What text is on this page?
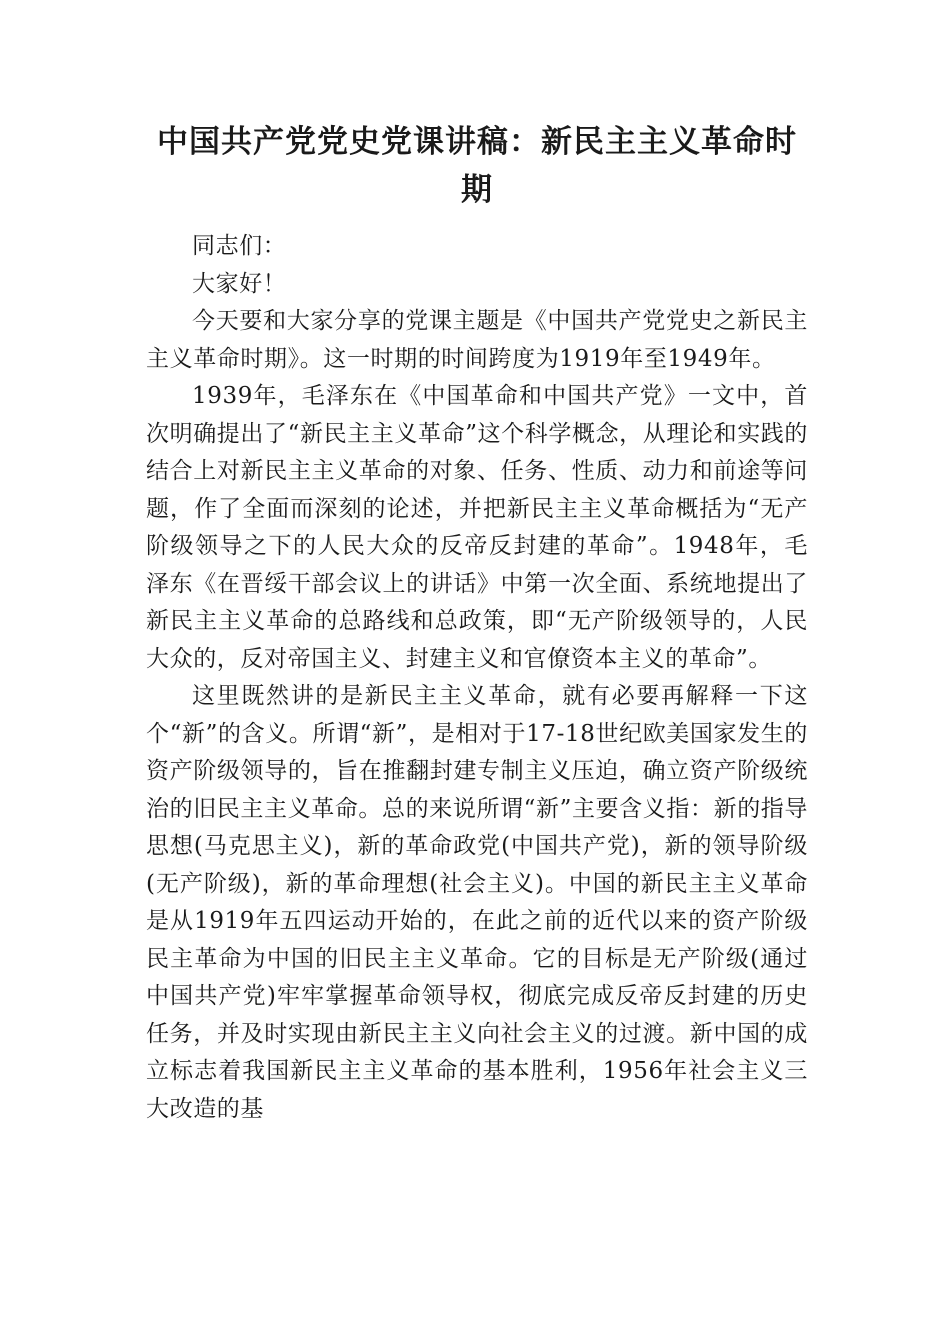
中国共产党党史党课讲稿：新民主主义革命时期

同志们：

大家好！

今天要和大家分享的党课主题是《中国共产党党史之新民主主义革命时期》。这一时期的时间跨度为1919年至1949年。

1939年，毛泽东在《中国革命和中国共产党》一文中，首次明确提出了“新民主主义革命”这个科学概念，从理论和实践的结合上对新民主主义革命的对象、任务、性质、动力和前途等问题，作了全面而深刻的论述，并把新民主主义革命概括为“无产阶级领导之下的人民大众的反帝反封建的革命”。1948年，毛泽东《在晋绥干部会议上的讲话》中第一次全面、系统地提出了新民主主义革命的总路线和总政策，即“无产阶级领导的，人民大众的，反对帝国主义、封建主义和官僚资本主义的革命”。

这里既然讲的是新民主主义革命，就有必要再解释一下这个“新”的含义。所谓“新”，是相对于17-18世纪欧美国家发生的资产阶级领导的，旨在推翻封建专制主义压迫，确立资产阶级统治的旧民主主义革命。总的来说所谓“新”主要含义指：新的指导思想(马克思主义)，新的革命政党(中国共产党)，新的领导阶级(无产阶级)，新的革命理想(社会主义)。中国的新民主主义革命是从1919年五四运动开始的，在此之前的近代以来的资产阶级民主革命为中国的旧民主主义革命。它的目标是无产阶级(通过中国共产党)牢牢掌握革命领导权，彻底完成反帝反封建的历史任务，并及时实现由新民主主义向社会主义的过渡。新中国的成立标志着我国新民主主义革命的基本胜利，1956年社会主义三大改造的基
